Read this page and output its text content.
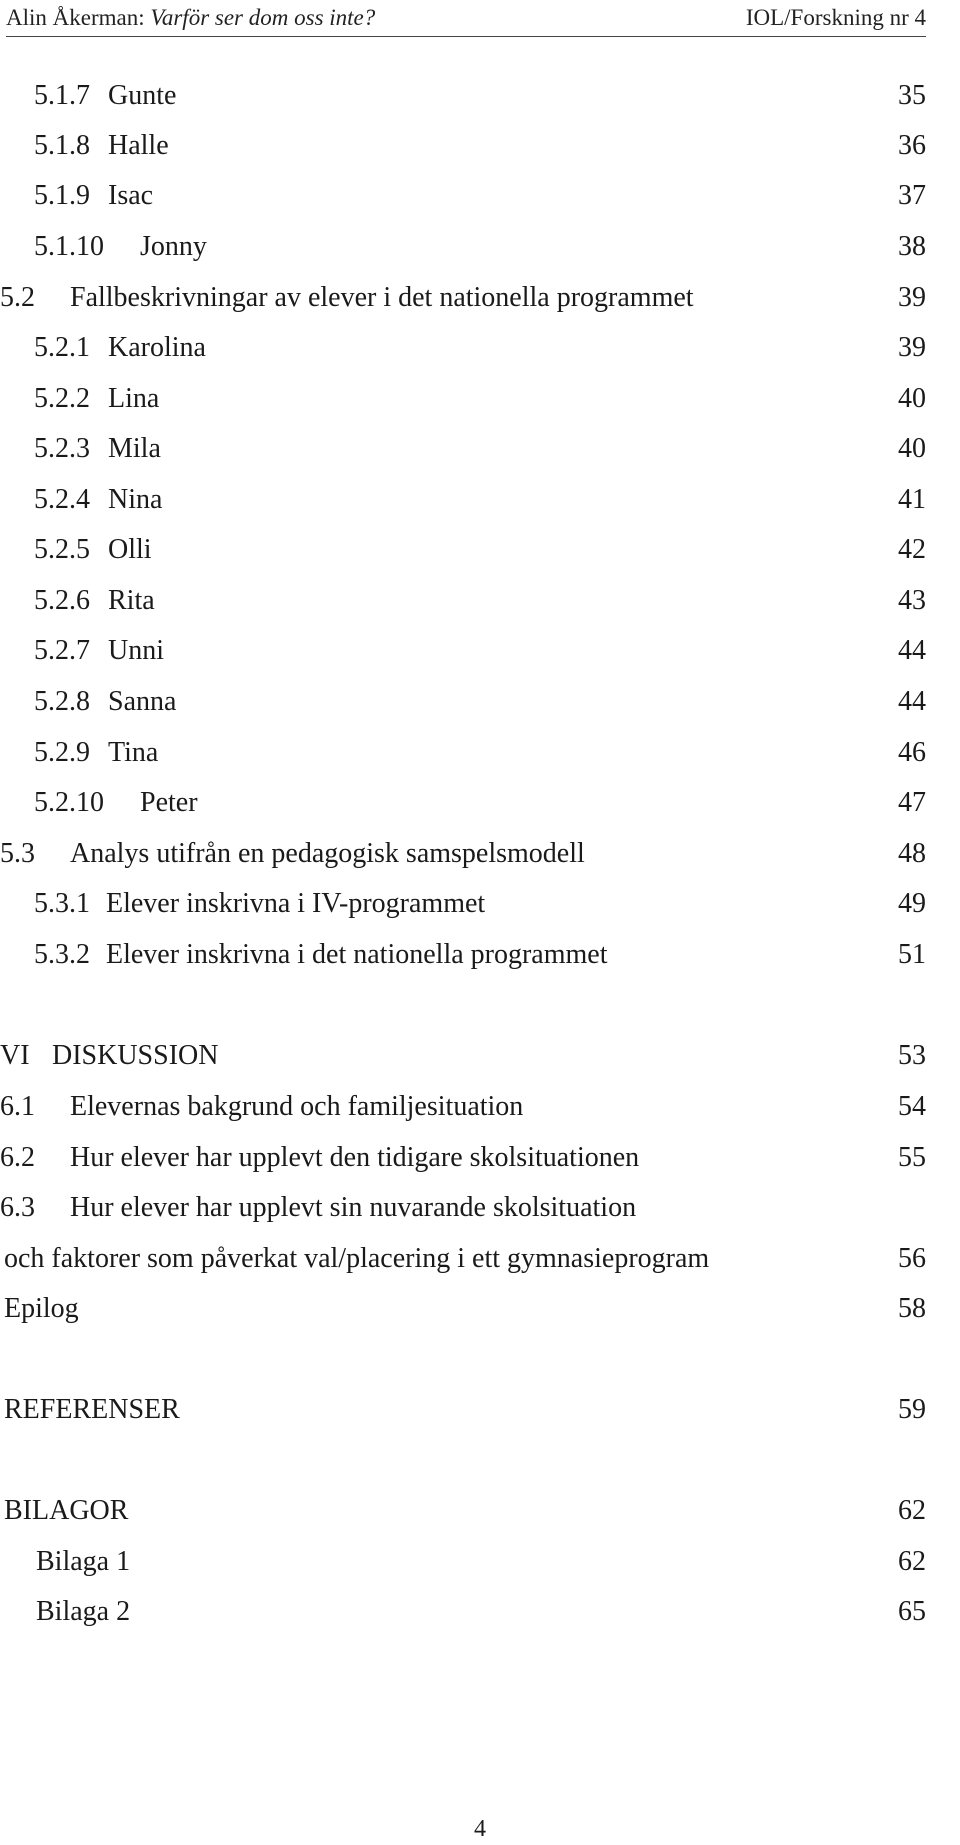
Alin Åkerman: Varför ser dom oss inte?	IOL/Forskning nr 4
5.1.7 Gunte	35
5.1.8 Halle	36
5.1.9 Isac	37
5.1.10 Jonny	38
5.2 Fallbeskrivningar av elever i det nationella programmet	39
5.2.1 Karolina	39
5.2.2 Lina	40
5.2.3 Mila	40
5.2.4 Nina	41
5.2.5 Olli	42
5.2.6 Rita	43
5.2.7 Unni	44
5.2.8 Sanna	44
5.2.9 Tina	46
5.2.10 Peter	47
5.3 Analys utifrån en pedagogisk samspelsmodell	48
5.3.1 Elever inskrivna i IV-programmet	49
5.3.2 Elever inskrivna i det nationella programmet	51
VI DISKUSSION	53
6.1 Elevernas bakgrund och familjesituation	54
6.2 Hur elever har upplevt den tidigare skolsituationen	55
6.3 Hur elever har upplevt sin nuvarande skolsituation
och faktorer som påverkat val/placering i ett gymnasieprogram	56
Epilog	58
REFERENSER	59
BILAGOR	62
Bilaga 1	62
Bilaga 2	65
4
